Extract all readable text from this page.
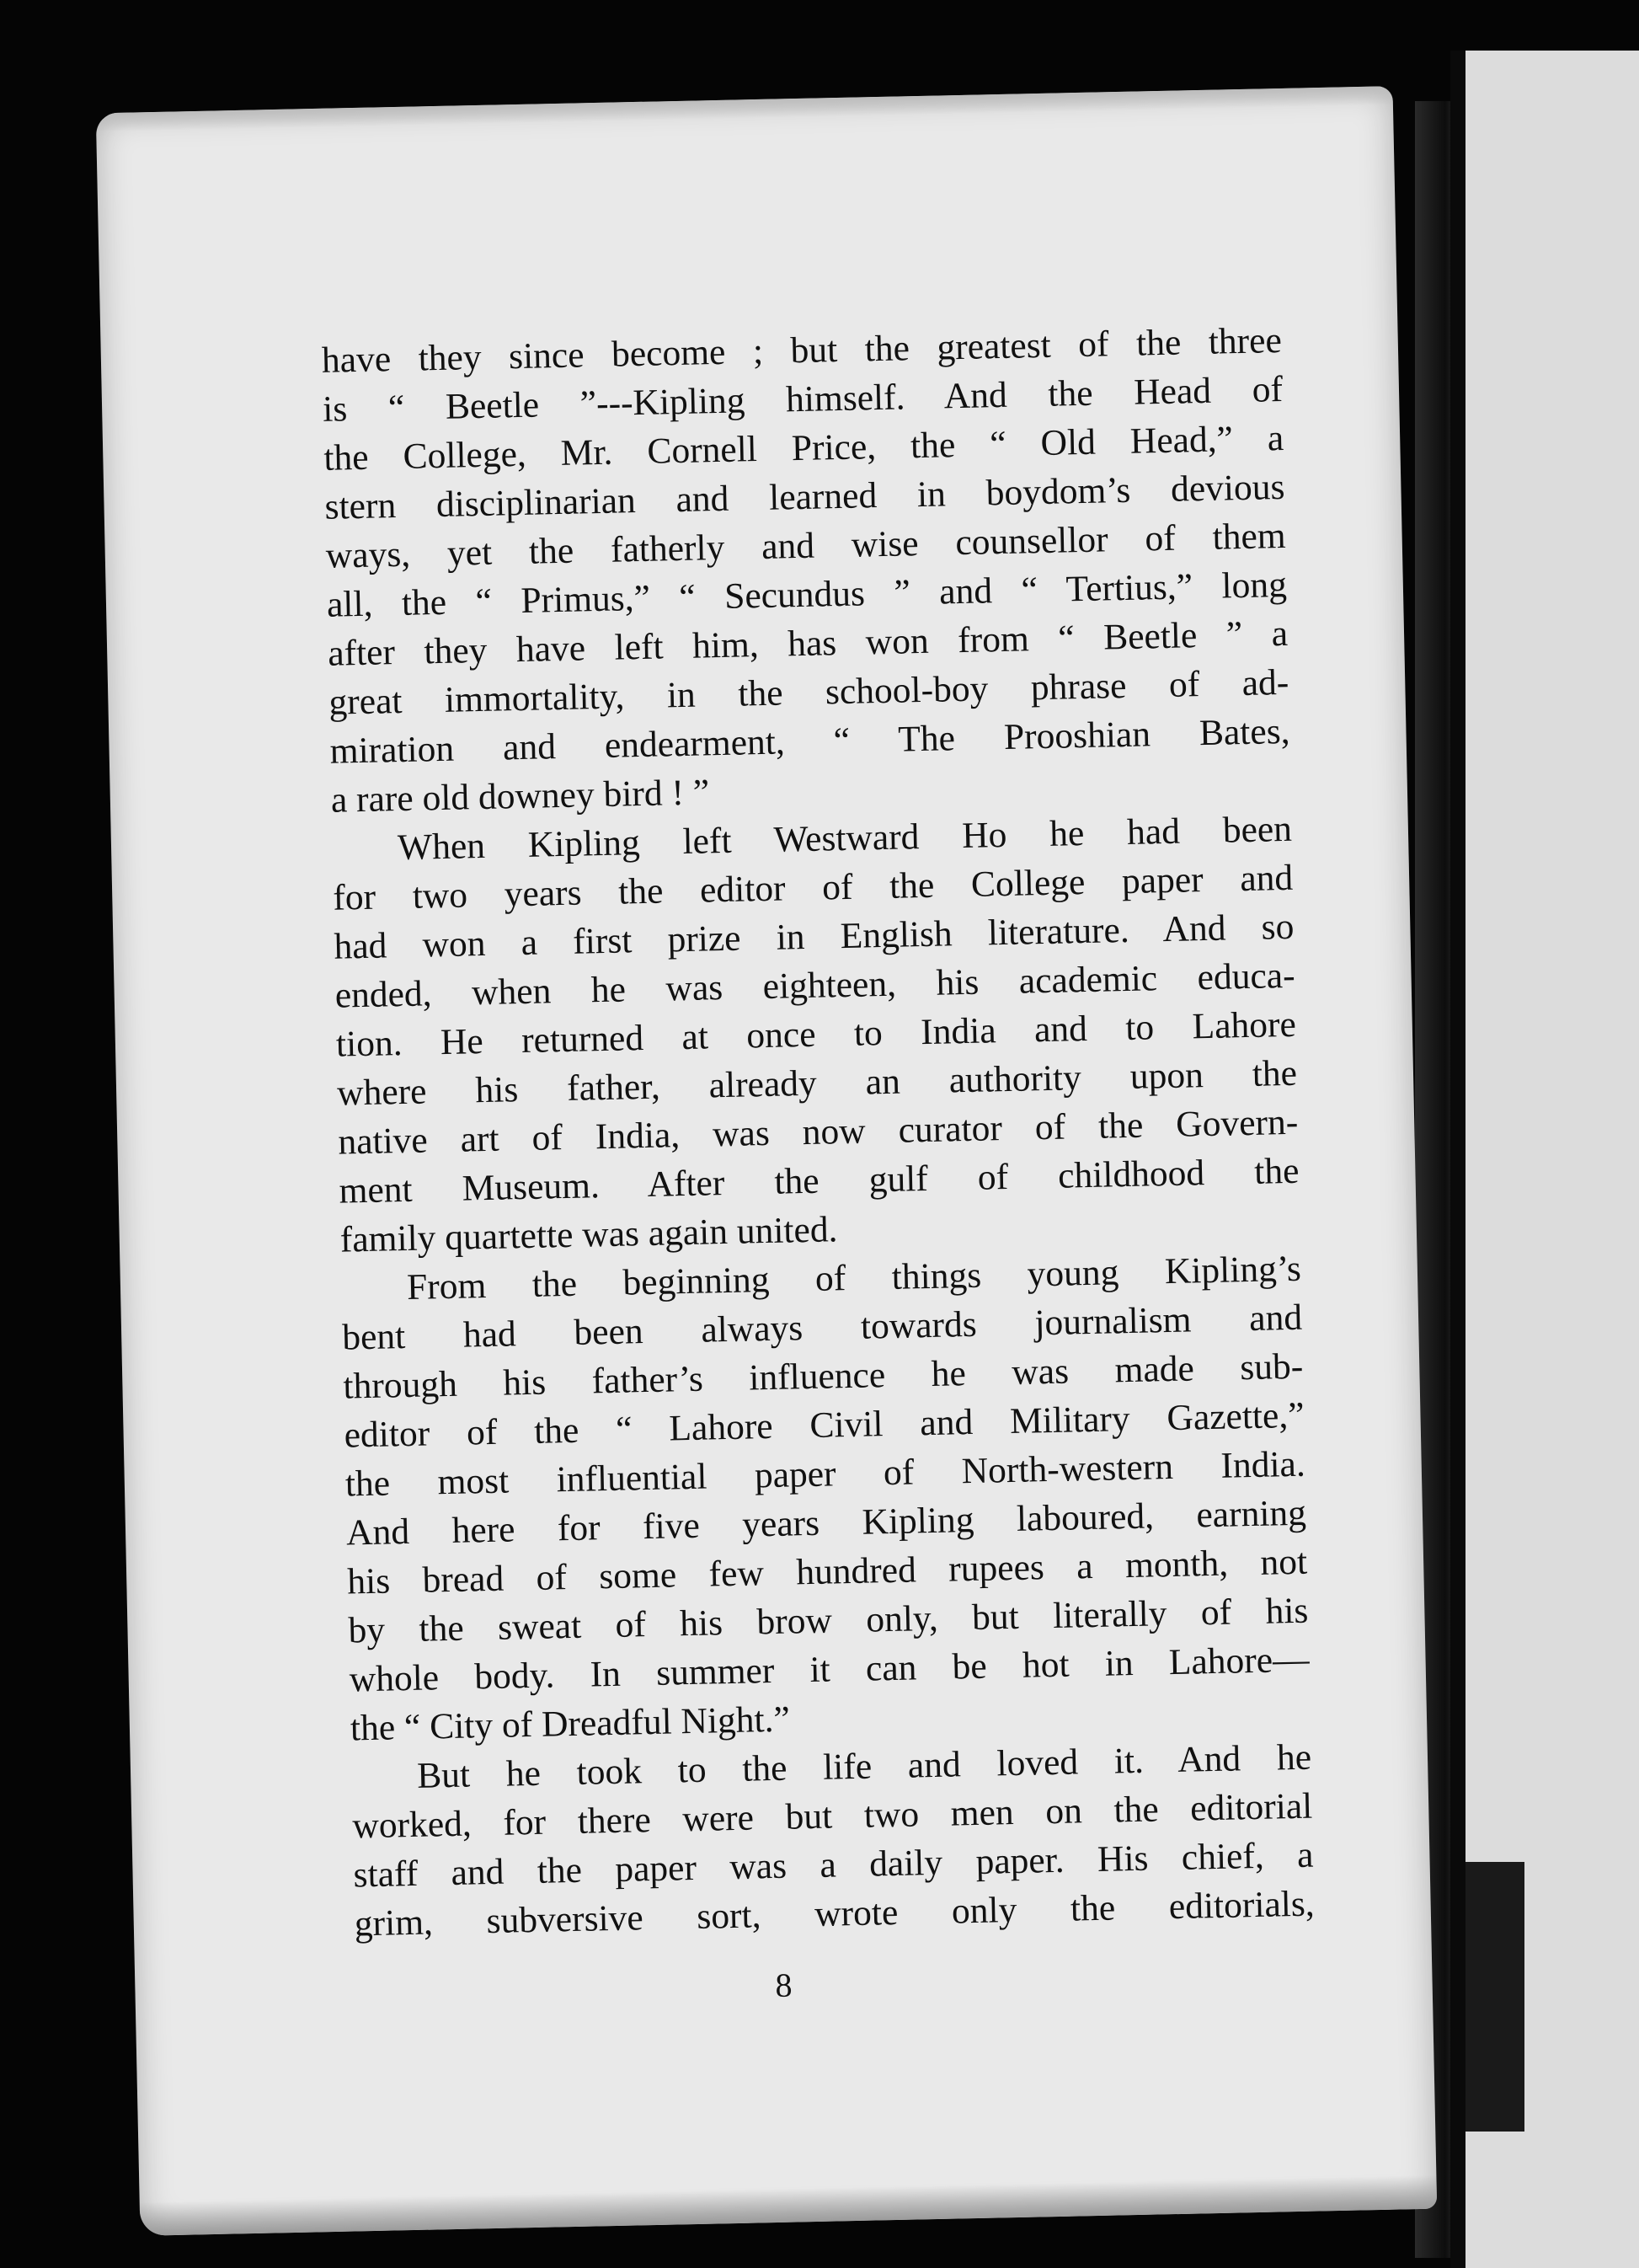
have they since become ; but the greatest of the three
is “ Beetle ”---Kipling himself. And the Head of
the College, Mr. Cornell Price, the “ Old Head,” a
stern disciplinarian and learned in boydom’s devious
ways, yet the fatherly and wise counsellor of them
all, the “ Primus,” “ Secundus ” and “ Tertius,” long
after they have left him, has won from “ Beetle ” a
great immortality, in the school-boy phrase of ad-
miration and endearment, “ The Prooshian Bates,
a rare old downey bird ! ”
When Kipling left Westward Ho he had been
for two years the editor of the College paper and
had won a first prize in English literature. And so
ended, when he was eighteen, his academic educa-
tion. He returned at once to India and to Lahore
where his father, already an authority upon the
native art of India, was now curator of the Govern-
ment Museum. After the gulf of childhood the
family quartette was again united.
From the beginning of things young Kipling’s
bent had been always towards journalism and
through his father’s influence he was made sub-
editor of the “ Lahore Civil and Military Gazette,”
the most influential paper of North-western India.
And here for five years Kipling laboured, earning
his bread of some few hundred rupees a month, not
by the sweat of his brow only, but literally of his
whole body. In summer it can be hot in Lahore—
the “ City of Dreadful Night.”
But he took to the life and loved it. And he
worked, for there were but two men on the editorial
staff and the paper was a daily paper. His chief, a
grim, subversive sort, wrote only the editorials,
8
